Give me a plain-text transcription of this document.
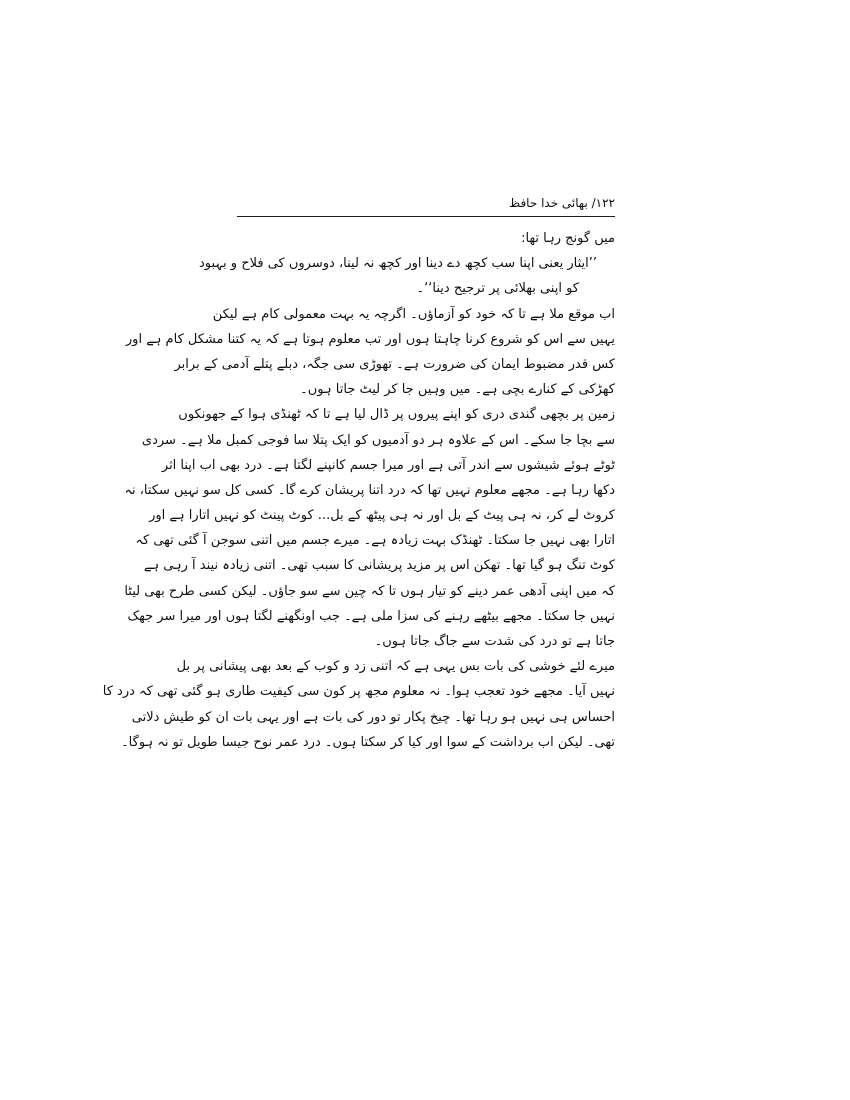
۱۲۲/ بھائی خدا حافظ
میں گونج رہا تھا:
’’ایثار یعنی اپنا سب کچھ دے دینا اور کچھ نہ لینا، دوسروں کی فلاح و بہبود
کو اپنی بھلائی پر ترجیح دینا‘‘۔
اب موقع ملا ہے تا کہ خود کو آزماؤں۔ اگرچہ یہ بہت معمولی کام ہے لیکن
یہیں سے اس کو شروع کرنا چاہتا ہوں اور تب معلوم ہوتا ہے کہ یہ کتنا مشکل کام ہے اور
کس قدر مضبوط ایمان کی ضرورت ہے۔ تھوڑی سی جگہ، دبلے پتلے آدمی کے برابر
کھڑکی کے کنارے بچی ہے۔ میں وہیں جا کر لیٹ جاتا ہوں۔
زمین پر بچھی گندی دری کو اپنے پیروں پر ڈال لیا ہے تا کہ ٹھنڈی ہوا کے جھونکوں
سے بچا جا سکے۔ اس کے علاوہ ہر دو آدمیوں کو ایک پتلا سا فوجی کمبل ملا ہے۔ سردی
ٹوٹے ہوئے شیشوں سے اندر آتی ہے اور میرا جسم کانپنے لگتا ہے۔ درد بھی اب اپنا اثر
دکھا رہا ہے۔ مجھے معلوم نہیں تھا کہ درد اتنا پریشان کرے گا۔ کسی کل سو نہیں سکتا، نہ
کروٹ لے کر، نہ ہی پیٹ کے بل اور نہ ہی پیٹھ کے بل... کوٹ پینٹ کو نہیں اتارا ہے اور
اتارا بھی نہیں جا سکتا۔ ٹھنڈک بہت زیادہ ہے۔ میرے جسم میں اتنی سوجن آ گئی تھی کہ
کوٹ تنگ ہو گیا تھا۔ تھکن اس پر مزید پریشانی کا سبب تھی۔ اتنی زیادہ نیند آ رہی ہے
کہ میں اپنی آدھی عمر دینے کو تیار ہوں تا کہ چین سے سو جاؤں۔ لیکن کسی طرح بھی لیٹا
نہیں جا سکتا۔ مجھے بیٹھے رہنے کی سزا ملی ہے۔ جب اونگھنے لگتا ہوں اور میرا سر جھک
جاتا ہے تو درد کی شدت سے جاگ جاتا ہوں۔
میرے لئے خوشی کی بات بس یہی ہے کہ اتنی زد و کوب کے بعد بھی پیشانی پر بل
نہیں آیا۔ مجھے خود تعجب ہوا۔ نہ معلوم مجھ پر کون سی کیفیت طاری ہو گئی تھی کہ درد کا
احساس ہی نہیں ہو رہا تھا۔ چیخ پکار تو دور کی بات ہے اور یہی بات ان کو طیش دلاتی
تھی۔ لیکن اب برداشت کے سوا اور کیا کر سکتا ہوں۔ درد عمر نوح جیسا طویل تو نہ ہوگا۔
